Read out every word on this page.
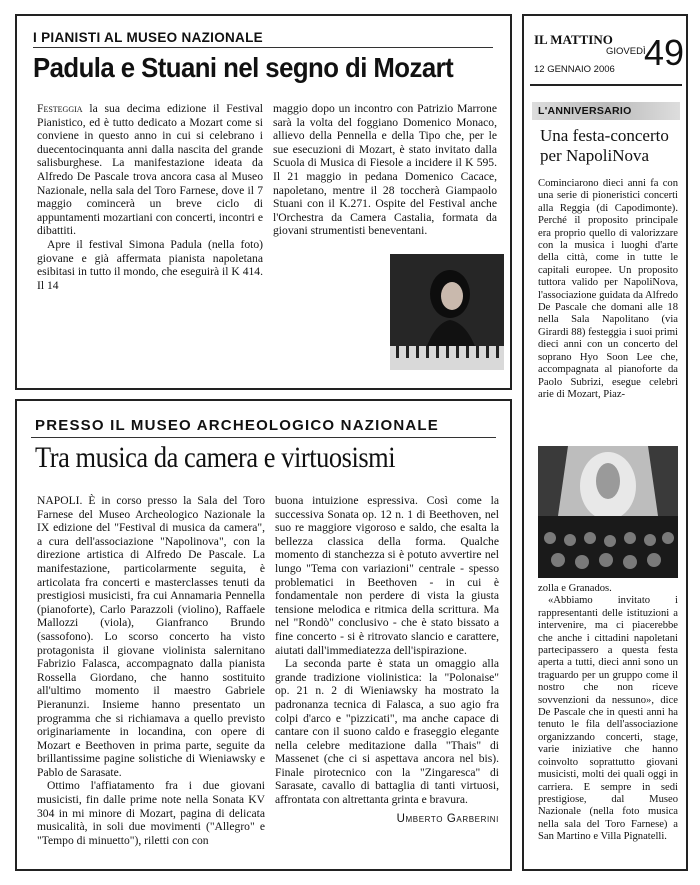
I PIANISTI AL MUSEO NAZIONALE
Padula e Stuani nel segno di Mozart

Festeggia la sua decima edizione il Festival Pianistico, ed è tutto dedicato a Mozart come si conviene in questo anno in cui si celebrano i duecentocinquanta anni dalla nascita del grande salisburghese. La manifestazione ideata da Alfredo De Pascale trova ancora casa al Museo Nazionale, nella sala del Toro Farnese, dove il 7 maggio comincerà un breve ciclo di appuntamenti mozartiani con concerti, incontri e dibattiti.

Apre il festival Simona Padula (nella foto) giovane e già affermata pianista napoletana esibitasi in tutto il mondo, che eseguirà il K 414. Il 14

maggio dopo un incontro con Patrizio Marrone sarà la volta del foggiano Domenico Monaco, allievo della Pennella e della Tipo che, per le sue esecuzioni di Mozart, è stato invitato dalla Scuola di Musica di Fiesole a incidere il K 595. Il 21 maggio in pedana Domenico Cacace, napoletano, mentre il 28 toccherà Giampaolo Stuani con il K.271. Ospite del Festival anche l'Orchestra da Camera Castalia, formata da giovani strumentisti beneventani.

PRESSO IL MUSEO ARCHEOLOGICO NAZIONALE
Tra musica da camera e virtuosismi

NAPOLI. È in corso presso la Sala del Toro Farnese del Museo Archeologico Nazionale la IX edizione del "Festival di musica da camera", a cura dell'associazione "Napolinova", con la direzione artistica di Alfredo De Pascale. La manifestazione, particolarmente seguita, è articolata fra concerti e masterclasses tenuti da prestigiosi musicisti, fra cui Annamaria Pennella (pianoforte), Carlo Parazzoli (violino), Raffaele Mallozzi (viola), Gianfranco Brundo (sassofono). Lo scorso concerto ha visto protagonista il giovane violinista salernitano Fabrizio Falasca, accompagnato dalla pianista Rossella Giordano, che hanno sostituito all'ultimo momento il maestro Gabriele Pieranunzi. Insieme hanno presentato un programma che si richiamava a quello previsto originariamente in locandina, con opere di Mozart e Beethoven in prima parte, seguite da brillantissime pagine solistiche di Wieniawsky e Pablo de Sarasate.

Ottimo l'affiatamento fra i due giovani musicisti, fin dalle prime note nella Sonata KV 304 in mi minore di Mozart, pagina di delicata musicalità, in soli due movimenti ("Allegro" e "Tempo di minuetto"), riletti con con

buona intuizione espressiva. Così come la successiva Sonata op. 12 n. 1 di Beethoven, nel suo re maggiore vigoroso e saldo, che esalta la bellezza classica della forma. Qualche momento di stanchezza si è potuto avvertire nel lungo "Tema con variazioni" centrale - spesso problematici in Beethoven - in cui è fondamentale non perdere di vista la giusta tensione melodica e ritmica della scrittura. Ma nel "Rondò" conclusivo - che è stato bissato a fine concerto - si è ritrovato slancio e carattere, aiutati dall'immediatezza dell'ispirazione.

La seconda parte è stata un omaggio alla grande tradizione violinistica: la "Polonaise" op. 21 n. 2 di Wieniawsky ha mostrato la padronanza tecnica di Falasca, a suo agio fra colpi d'arco e "pizzicati", ma anche capace di cantare con il suono caldo e fraseggio elegante nella celebre meditazione dalla "Thais" di Massenet (che ci si aspettava ancora nel bis). Finale pirotecnico con la "Zingaresca" di Sarasate, cavallo di battaglia di tanti virtuosi, affrontata con altrettanta grinta e bravura.

Umberto Garberini
IL MATTINO
GIOVEDÌ
12 GENNAIO 2006 49
L'ANNIVERSARIO
Una festa-concerto per NapoliNova

Cominciarono dieci anni fa con una serie di pioneristici concerti alla Reggia (di Capodimonte). Perché il proposito principale era proprio quello di valorizzare con la musica i luoghi d'arte della città, come in tutte le capitali europee. Un proposito tuttora valido per NapoliNova, l'associazione guidata da Alfredo De Pascale che domani alle 18 nella Sala Napolitano (via Girardi 88) festeggia i suoi primi dieci anni con un concerto del soprano Hyo Soon Lee che, accompagnata al pianoforte da Paolo Subrizi, esegue celebri arie di Mozart, Piaz-

zolla e Granados.

«Abbiamo invitato i rappresentanti delle istituzioni a intervenire, ma ci piacerebbe che anche i cittadini napoletani partecipassero a questa festa aperta a tutti, dieci anni sono un traguardo per un gruppo come il nostro che non riceve sovvenzioni da nessuno», dice De Pascale che in questi anni ha tenuto le fila dell'associazione organizzando concerti, stage, varie iniziative che hanno coinvolto soprattutto giovani musicisti, molti dei quali oggi in carriera. E sempre in sedi prestigiose, dal Museo Nazionale (nella foto musica nella sala del Toro Farnese) a San Martino e Villa Pignatelli.
